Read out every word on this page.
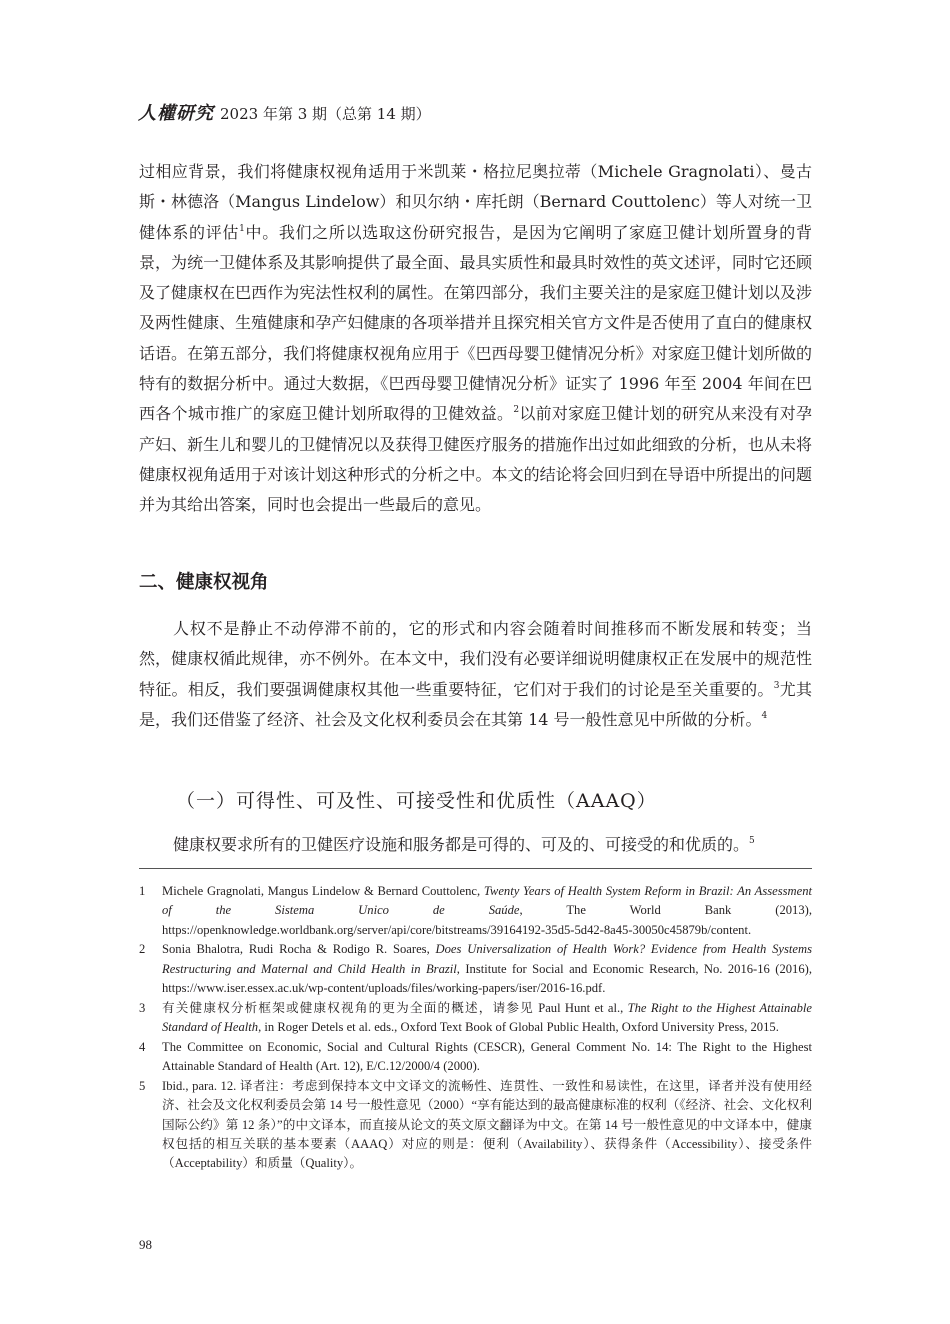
人權研究 2023 年第 3 期（总第 14 期）

过相应背景，我们将健康权视角适用于米凯莱・格拉尼奥拉蒂（Michele Gragnolati）、曼古斯・林德洛（Mangus Lindelow）和贝尔纳・库托朗（Bernard Couttolenc）等人对统一卫健体系的评估$^1$中。我们之所以选取这份研究报告，是因为它阐明了家庭卫健计划所置身的背景，为统一卫健体系及其影响提供了最全面、最具实质性和最具时效性的英文述评，同时它还顾及了健康权在巴西作为宪法性权利的属性。在第四部分，我们主要关注的是家庭卫健计划以及涉及两性健康、生殖健康和孕产妇健康的各项举措并且探究相关官方文件是否使用了直白的健康权话语。在第五部分，我们将健康权视角应用于《巴西母婴卫健情况分析》对家庭卫健计划所做的特有的数据分析中。通过大数据，《巴西母婴卫健情况分析》证实了 1996 年至 2004 年间在巴西各个城市推广的家庭卫健计划所取得的卫健效益。$^2$以前对家庭卫健计划的研究从来没有对孕产妇、新生儿和婴儿的卫健情况以及获得卫健医疗服务的措施作出过如此细致的分析，也从未将健康权视角适用于对该计划这种形式的分析之中。本文的结论将会回归到在导语中所提出的问题并为其给出答案，同时也会提出一些最后的意见。

二、健康权视角

人权不是静止不动停滞不前的，它的形式和内容会随着时间推移而不断发展和转变；当然，健康权循此规律，亦不例外。在本文中，我们没有必要详细说明健康权正在发展中的规范性特征。相反，我们要强调健康权其他一些重要特征，它们对于我们的讨论是至关重要的。$^3$尤其是，我们还借鉴了经济、社会及文化权利委员会在其第 14 号一般性意见中所做的分析。$^4$

（一）可得性、可及性、可接受性和优质性（AAAQ）

健康权要求所有的卫健医疗设施和服务都是可得的、可及的、可接受的和优质的。$^5$

1	Michele Gragnolati, Mangus Lindelow & Bernard Couttolenc, Twenty Years of Health System Reform in Brazil: An Assessment of the Sistema Unico de Saúde, The World Bank (2013), https://openknowledge.worldbank.org/server/api/core/bitstreams/39164192-35d5-5d42-8a45-30050c45879b/content.
2	Sonia Bhalotra, Rudi Rocha & Rodigo R. Soares, Does Universalization of Health Work? Evidence from Health Systems Restructuring and Maternal and Child Health in Brazil, Institute for Social and Economic Research, No. 2016-16 (2016), https://www.iser.essex.ac.uk/wp-content/uploads/files/working-papers/iser/2016-16.pdf.
3	有关健康权分析框架或健康权视角的更为全面的概述，请参见 Paul Hunt et al., The Right to the Highest Attainable Standard of Health, in Roger Detels et al. eds., Oxford Text Book of Global Public Health, Oxford University Press, 2015.
4	The Committee on Economic, Social and Cultural Rights (CESCR), General Comment No. 14: The Right to the Highest Attainable Standard of Health (Art. 12), E/C.12/2000/4 (2000).
5	Ibid., para. 12. 译者注：考虑到保持本文中文译文的流畅性、连贯性、一致性和易读性，在这里，译者并没有使用经济、社会及文化权利委员会第 14 号一般性意见（2000）“享有能达到的最高健康标准的权利（《经济、社会、文化权利国际公约》第 12 条）”的中文译本，而直接从论文的英文原文翻译为中文。在第 14 号一般性意见的中文译本中，健康权包括的相互关联的基本要素（AAAQ）对应的则是：便利（Availability）、获得条件（Accessibility）、接受条件（Acceptability）和质量（Quality）。
98
